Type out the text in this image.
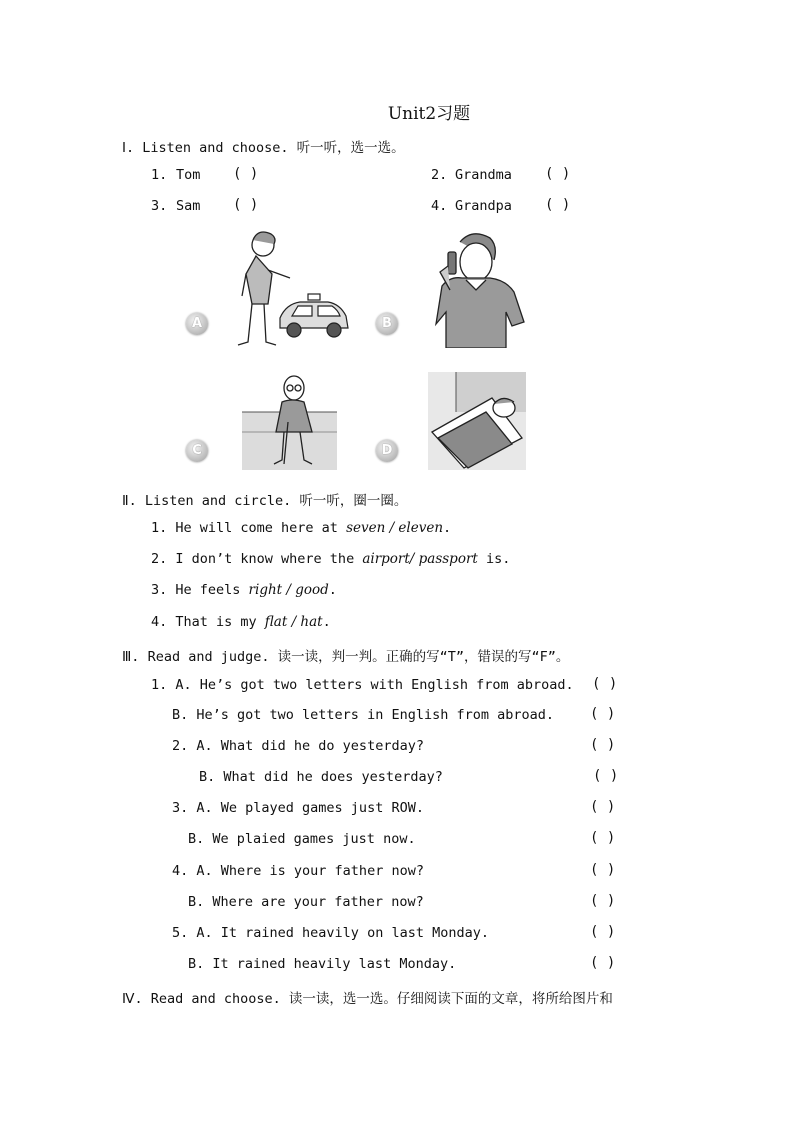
Unit2习题
Ⅰ. Listen and choose. 听一听，选一选。
1. Tom ( )	2. Grandma ( )
3. Sam ( )	4. Grandpa ( )
A	B
C	D
Ⅱ. Listen and circle. 听一听，圈一圈。
1. He will come here at seven / eleven.
2. I don’t know where the airport/ passport is.
3. He feels right / good.
4. That is my flat / hat.
Ⅲ. Read and judge. 读一读，判一判。正确的写“T”，错误的写“F”。
1. A. He’s got two letters with English from abroad. ( )
B. He’s got two letters in English from abroad.	( )
2. A. What did he do yesterday?	( )
B. What did he does yesterday?	( )
3. A. We played games just ROW.	( )
B. We plaied games just now.	( )
4. A. Where is your father now?	( )
B. Where are your father now?	( )
5. A. It rained heavily on last Monday.	( )
B. It rained heavily last Monday.	( )
Ⅳ. Read and choose. 读一读，选一选。仔细阅读下面的文章，将所给图片和
